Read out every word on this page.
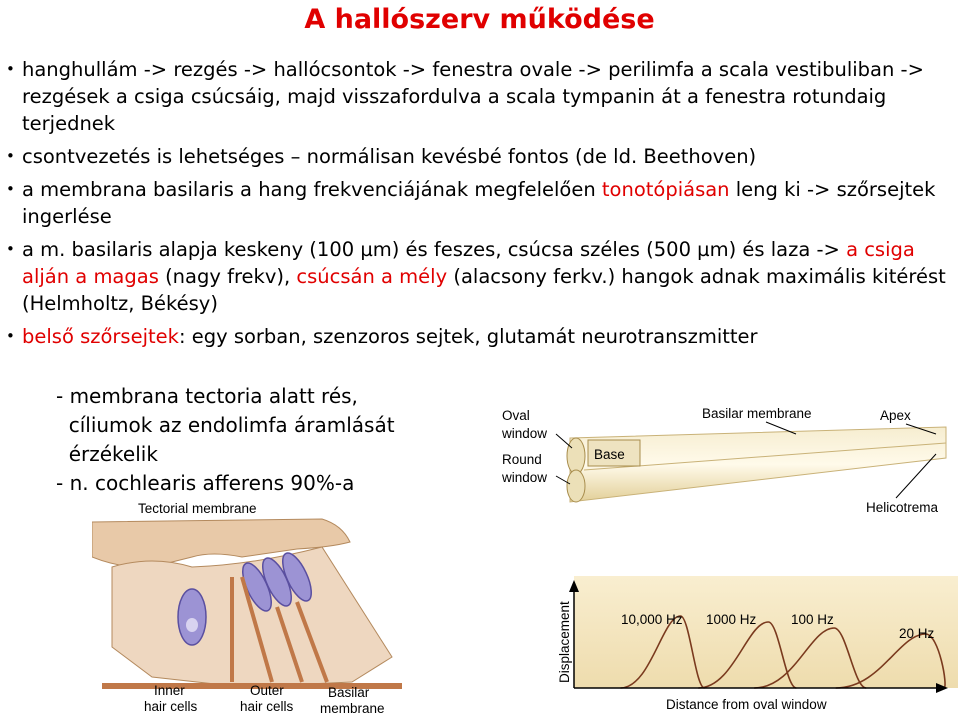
A hallószerv működése
• hanghullám -> rezgés -> hallócsontok -> fenestra ovale -> perilimfa a scala vestibuliban -> rezgések a csiga csúcsáig, majd visszafordulva a scala tympanin át a fenestra rotundaig terjednek
• csontvezetés is lehetséges – normálisan kevésbé fontos (de ld. Beethoven)
• a membrana basilaris a hang frekvenciájának megfelelően tonotópiásan leng ki -> szőrsejtek ingerlése
• a m. basilaris alapja keskeny (100 µm) és feszes, csúcsa széles (500 µm) és laza -> a csiga alján a magas (nagy frekv), csúcsán a mély (alacsony ferkv.) hangok adnak maximális kitérést (Helmholtz, Békésy)
• belső szőrsejtek: egy sorban, szenzoros sejtek, glutamát neurotranszmitter
- membrana tectoria alatt rés,
cíliumok az endolimfa áramlását
érzékelik
- n. cochlearis afferens 90%-a
Tectorial membrane
Inner
hair cells
Outer
hair cells
Basilar
membrane
Oval
window
Round
window
Basilar membrane	Apex
Base
Helicotrema
10,000 Hz 1000 Hz	100 Hz
20 Hz
Displacement
Distance from oval window
